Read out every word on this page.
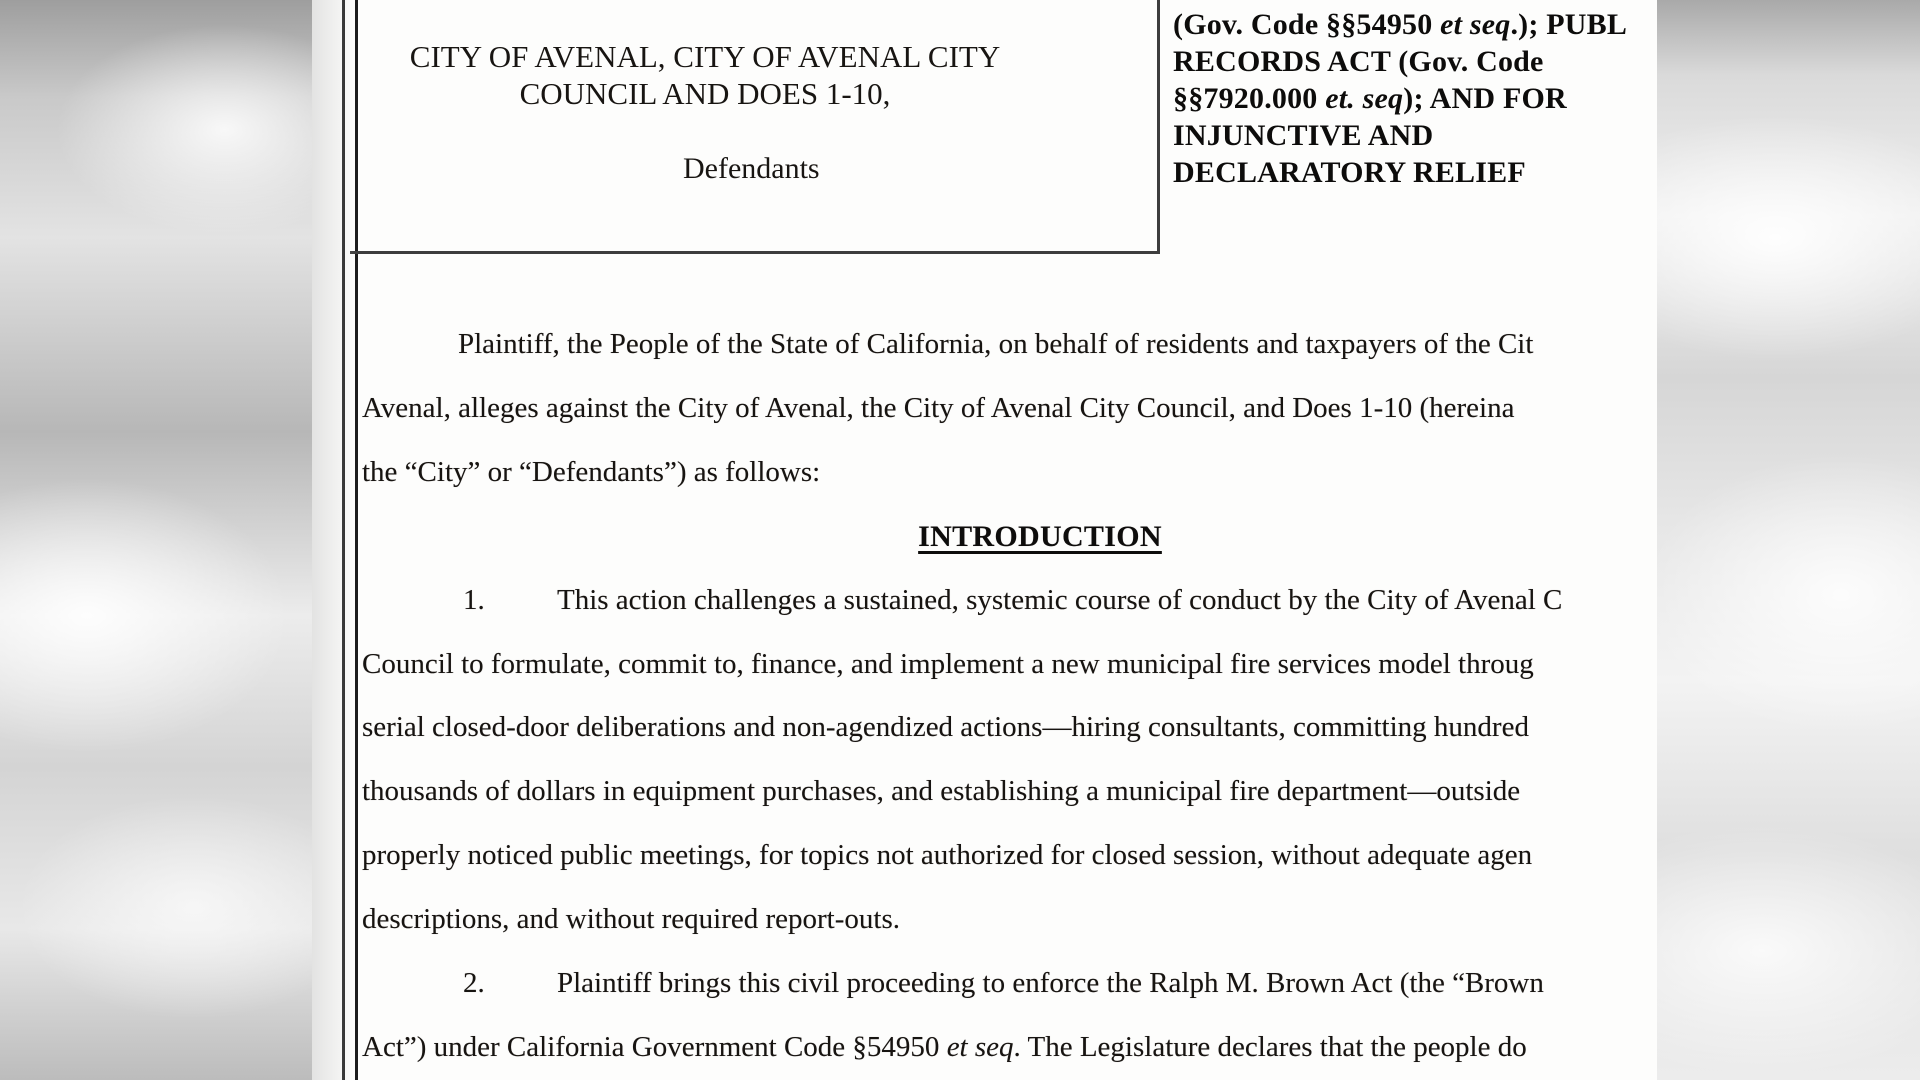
CITY OF AVENAL, CITY OF AVENAL CITY
COUNCIL AND DOES 1-10,
Defendants
(Gov. Code §§54950 et seq.); PUBL
RECORDS ACT (Gov. Code
§§7920.000 et. seq); AND FOR
INJUNCTIVE AND
DECLARATORY RELIEF
Plaintiff, the People of the State of California, on behalf of residents and taxpayers of the Cit
Avenal, alleges against the City of Avenal, the City of Avenal City Council, and Does 1-10 (hereina
the “City” or “Defendants”) as follows:
INTRODUCTION
1. This action challenges a sustained, systemic course of conduct by the City of Avenal C
Council to formulate, commit to, finance, and implement a new municipal fire services model throug
serial closed-door deliberations and non-agendized actions—hiring consultants, committing hundred
thousands of dollars in equipment purchases, and establishing a municipal fire department—outside
properly noticed public meetings, for topics not authorized for closed session, without adequate agen
descriptions, and without required report-outs.
2. Plaintiff brings this civil proceeding to enforce the Ralph M. Brown Act (the “Brown
Act”) under California Government Code §54950 et seq. The Legislature declares that the people do
